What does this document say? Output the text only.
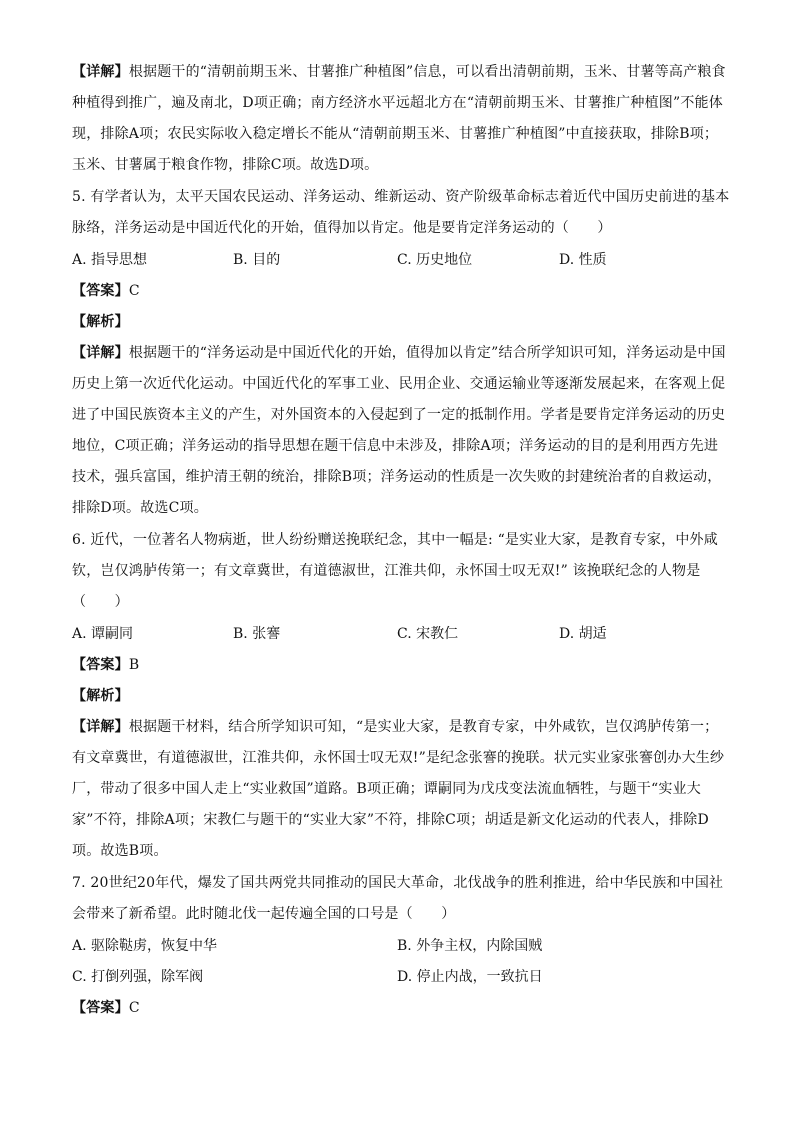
【详解】根据题干的“清朝前期玉米、甘薯推广种植图”信息，可以看出清朝前期，玉米、甘薯等高产粮食
种植得到推广，遍及南北，D项正确；南方经济水平远超北方在“清朝前期玉米、甘薯推广种植图”不能体
现，排除A项；农民实际收入稳定增长不能从“清朝前期玉米、甘薯推广种植图”中直接获取，排除B项；
玉米、甘薯属于粮食作物，排除C项。故选D项。
5. 有学者认为，太平天国农民运动、洋务运动、维新运动、资产阶级革命标志着近代中国历史前进的基本
脉络，洋务运动是中国近代化的开始，值得加以肯定。他是要肯定洋务运动的（　　）
A. 指导思想	B. 目的	C. 历史地位	D. 性质
【答案】C
【解析】
【详解】根据题干的“洋务运动是中国近代化的开始，值得加以肯定”结合所学知识可知，洋务运动是中国
历史上第一次近代化运动。中国近代化的军事工业、民用企业、交通运输业等逐渐发展起来，在客观上促
进了中国民族资本主义的产生，对外国资本的入侵起到了一定的抵制作用。学者是要肯定洋务运动的历史
地位，C项正确；洋务运动的指导思想在题干信息中未涉及，排除A项；洋务运动的目的是利用西方先进
技术，强兵富国，维护清王朝的统治，排除B项；洋务运动的性质是一次失败的封建统治者的自救运动，
排除D项。故选C项。
6. 近代，一位著名人物病逝，世人纷纷赠送挽联纪念，其中一幅是: “是实业大家，是教育专家，中外咸
钦，岂仅鸿胪传第一；有文章冀世，有道德淑世，江淮共仰，永怀国士叹无双!” 该挽联纪念的人物是
（　　）
A. 谭嗣同	B. 张謇	C. 宋教仁	D. 胡适
【答案】B
【解析】
【详解】根据题干材料，结合所学知识可知，“是实业大家，是教育专家，中外咸钦，岂仅鸿胪传第一；
有文章冀世，有道德淑世，江淮共仰，永怀国士叹无双!”是纪念张謇的挽联。状元实业家张謇创办大生纱
厂，带动了很多中国人走上“实业救国”道路。B项正确；谭嗣同为戊戌变法流血牺牲，与题干“实业大
家”不符，排除A项；宋教仁与题干的“实业大家”不符，排除C项；胡适是新文化运动的代表人，排除D
项。故选B项。
7. 20世纪20年代，爆发了国共两党共同推动的国民大革命，北伐战争的胜利推进，给中华民族和中国社
会带来了新希望。此时随北伐一起传遍全国的口号是（　　）
A. 驱除鞑虏，恢复中华	B. 外争主权，内除国贼
C. 打倒列强，除军阀	D. 停止内战，一致抗日
【答案】C
